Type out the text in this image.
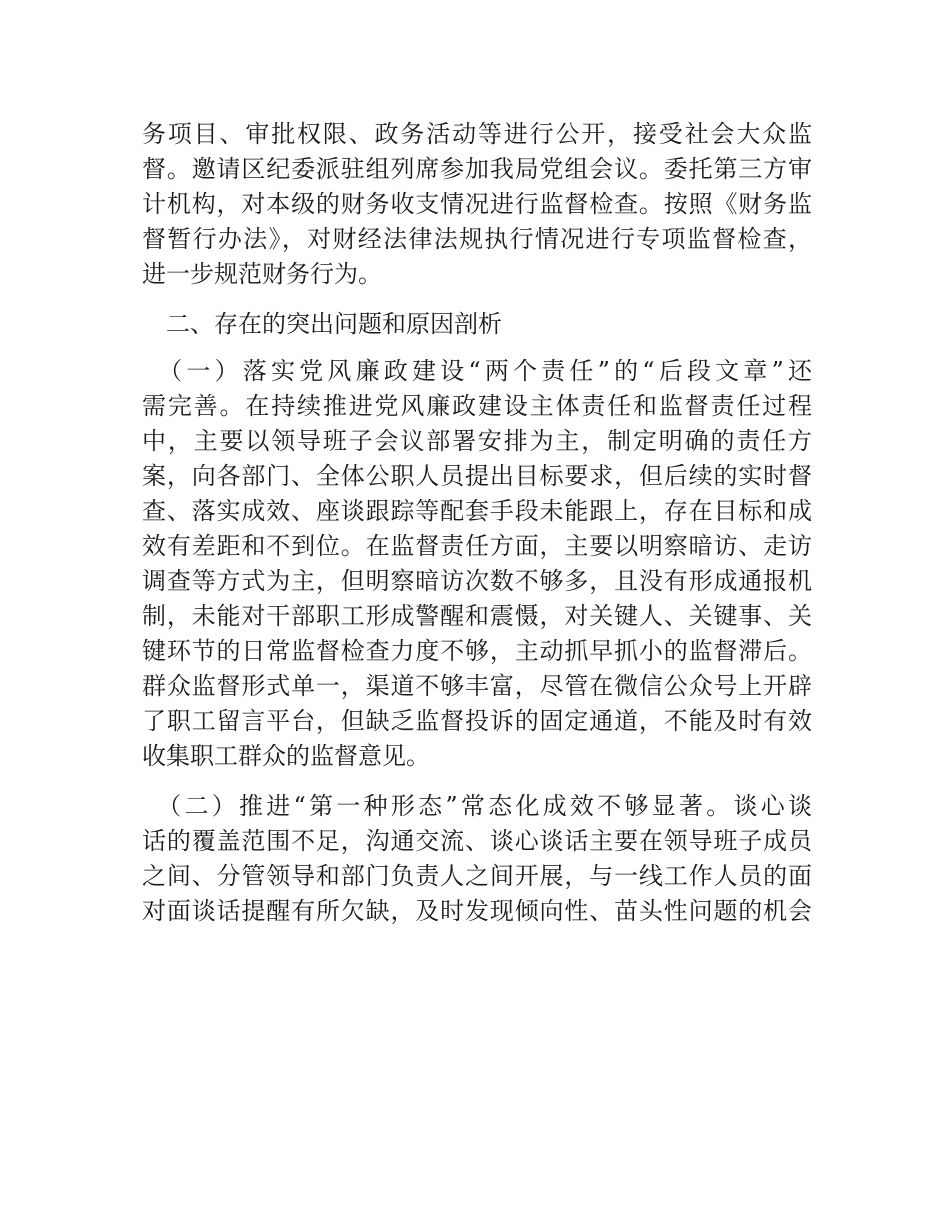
务项目、审批权限、政务活动等进行公开，接受社会大众监
督。邀请区纪委派驻组列席参加我局党组会议。委托第三方审
计机构，对本级的财务收支情况进行监督检查。按照《财务监
督暂行办法》，对财经法律法规执行情况进行专项监督检查，
进一步规范财务行为。
　二、存在的突出问题和原因剖析
　（一）落实党风廉政建设“两个责任”的“后段文章”还
需完善。在持续推进党风廉政建设主体责任和监督责任过程
中，主要以领导班子会议部署安排为主，制定明确的责任方
案，向各部门、全体公职人员提出目标要求，但后续的实时督
查、落实成效、座谈跟踪等配套手段未能跟上，存在目标和成
效有差距和不到位。在监督责任方面，主要以明察暗访、走访
调查等方式为主，但明察暗访次数不够多，且没有形成通报机
制，未能对干部职工形成警醒和震慑，对关键人、关键事、关
键环节的日常监督检查力度不够，主动抓早抓小的监督滞后。
群众监督形式单一，渠道不够丰富，尽管在微信公众号上开辟
了职工留言平台，但缺乏监督投诉的固定通道，不能及时有效
收集职工群众的监督意见。
　（二）推进“第一种形态”常态化成效不够显著。谈心谈
话的覆盖范围不足，沟通交流、谈心谈话主要在领导班子成员
之间、分管领导和部门负责人之间开展，与一线工作人员的面
对面谈话提醒有所欠缺，及时发现倾向性、苗头性问题的机会
